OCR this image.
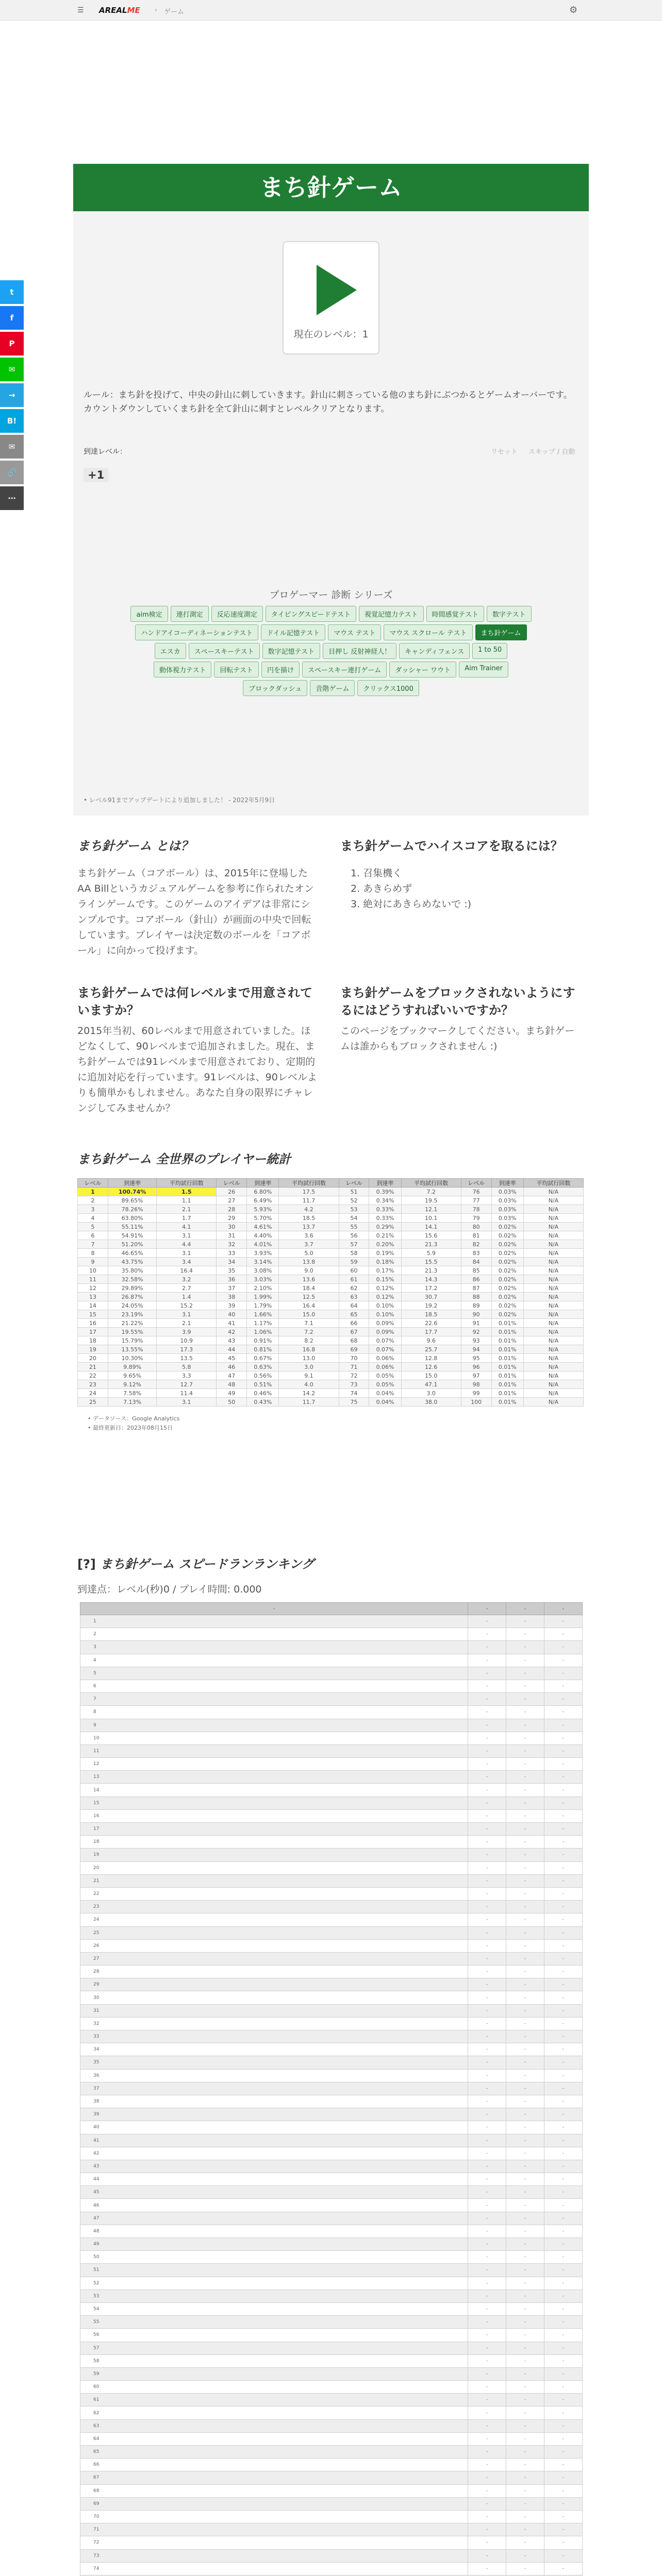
☰ AREALME › ゲーム	⚙
t
f
P
✉
→
B!
✉
🔗
⋯
まち針ゲーム
現在のレベル：1
ルール：まち針を投げて、中央の針山に刺していきます。針山に刺さっている他のまち針にぶつかるとゲームオーバーです。カウントダウンしていくまち針を全て針山に刺すとレベルクリアとなります。
到達レベル：
+1
リセット スキップ / 自動
プロゲーマー 診断 シリーズ
aim検定	連打測定	反応速度測定	タイピングスピードテスト	視覚記憶力テスト	時間感覚テスト	数字テスト
ハンドアイコーディネーションテスト	ドイル記憶テスト	マウス テスト	マウス スクロール テスト	まち針ゲーム
エスカ	スペースキーテスト	数字記憶テスト	目押し 反射神経人！	キャンディフェンス	1 to 50
動体視力テスト	回転テスト	円を描け	スペースキー連打ゲーム	ダッシャー ワウト	Aim Trainer
ブロックダッシュ	音階ゲーム	クリックス1000
• レベル91までアップデートにより追加しました！ - 2022年5月9日
まち針ゲーム とは？
まち針ゲーム（コアボール）は、2015年に登場した AA Billというカジュアルゲームを参考に作られたオンラインゲームです。このゲームのアイデアは非常にシンプルです。コアボール（針山）が画面の中央で回転しています。プレイヤーは決定数のボールを「コアボール」に向かって投げます。
まち針ゲームでハイスコアを取るには？
1. 召集機く
2. あきらめず
3. 絶対にあきらめないで :)
まち針ゲームでは何レベルまで用意されていますか？
2015年当初、60レベルまで用意されていました。ほどなくして、90レベルまで追加されました。現在、まち針ゲームでは91レベルまで用意されており、定期的に追加対応を行っています。91レベルは、90レベルよりも簡単かもしれません。あなた自身の限界にチャレンジしてみませんか？
まち針ゲームをブロックされないようにするにはどうすればいいですか？
このページをブックマークしてください。まち針ゲームは誰からもブロックされません :)
まち針ゲーム 全世界のプレイヤー統計
レベル	到達率	平均試行回数	レベル	到達率	平均試行回数	レベル	到達率	平均試行回数	レベル	到達率	平均試行回数
1	100.74%	1.5	26	6.80%	17.5	51	0.39%	7.2	76	0.03%	N/A
2	89.65%	1.1	27	6.49%	11.7	52	0.34%	19.5	77	0.03%	N/A
3	78.26%	2.1	28	5.93%	4.2	53	0.33%	12.1	78	0.03%	N/A
4	63.80%	1.7	29	5.70%	18.5	54	0.33%	10.1	79	0.03%	N/A
5	55.11%	4.1	30	4.61%	13.7	55	0.29%	14.1	80	0.02%	N/A
6	54.91%	3.1	31	4.40%	3.6	56	0.21%	15.6	81	0.02%	N/A
7	51.20%	4.4	32	4.01%	3.7	57	0.20%	21.3	82	0.02%	N/A
8	46.65%	3.1	33	3.93%	5.0	58	0.19%	5.9	83	0.02%	N/A
9	43.75%	3.4	34	3.14%	13.8	59	0.18%	15.5	84	0.02%	N/A
10	35.80%	16.4	35	3.08%	9.0	60	0.17%	21.3	85	0.02%	N/A
11	32.58%	3.2	36	3.03%	13.6	61	0.15%	14.3	86	0.02%	N/A
12	29.89%	2.7	37	2.10%	18.4	62	0.12%	17.2	87	0.02%	N/A
13	26.87%	1.4	38	1.99%	12.5	63	0.12%	30.7	88	0.02%	N/A
14	24.05%	15.2	39	1.79%	16.4	64	0.10%	19.2	89	0.02%	N/A
15	23.19%	3.1	40	1.66%	15.0	65	0.10%	18.5	90	0.02%	N/A
16	21.22%	2.1	41	1.17%	7.1	66	0.09%	22.6	91	0.01%	N/A
17	19.55%	3.9	42	1.06%	7.2	67	0.09%	17.7	92	0.01%	N/A
18	15.79%	10.9	43	0.91%	8.2	68	0.07%	9.6	93	0.01%	N/A
19	13.55%	17.3	44	0.81%	16.8	69	0.07%	25.7	94	0.01%	N/A
20	10.30%	13.5	45	0.67%	13.0	70	0.06%	12.8	95	0.01%	N/A
21	9.89%	5.8	46	0.63%	3.0	71	0.06%	12.6	96	0.01%	N/A
22	9.65%	3.3	47	0.56%	9.1	72	0.05%	15.0	97	0.01%	N/A
23	9.12%	12.7	48	0.51%	4.0	73	0.05%	47.1	98	0.01%	N/A
24	7.58%	11.4	49	0.46%	14.2	74	0.04%	3.0	99	0.01%	N/A
25	7.13%	3.1	50	0.43%	11.7	75	0.04%	38.0	100	0.01%	N/A
• データソース：Google Analytics
• 最終更新日：2023年08月15日
[?] まち針ゲーム スピードランランキング
到達点：レベル(秒)0 / プレイ時間: 0.000
-	-	-	-
1	-	-	-
2	-	-	-
3	-	-	-
4	-	-	-
5	-	-	-
6	-	-	-
7	-	-	-
8	-	-	-
9	-	-	-
10	-	-	-
11	-	-	-
12	-	-	-
13	-	-	-
14	-	-	-
15	-	-	-
16	-	-	-
17	-	-	-
18	-	-	-
19	-	-	-
20	-	-	-
21	-	-	-
22	-	-	-
23	-	-	-
24	-	-	-
25	-	-	-
26	-	-	-
27	-	-	-
28	-	-	-
29	-	-	-
30	-	-	-
31	-	-	-
32	-	-	-
33	-	-	-
34	-	-	-
35	-	-	-
36	-	-	-
37	-	-	-
38	-	-	-
39	-	-	-
40	-	-	-
41	-	-	-
42	-	-	-
43	-	-	-
44	-	-	-
45	-	-	-
46	-	-	-
47	-	-	-
48	-	-	-
49	-	-	-
50	-	-	-
51	-	-	-
52	-	-	-
53	-	-	-
54	-	-	-
55	-	-	-
56	-	-	-
57	-	-	-
58	-	-	-
59	-	-	-
60	-	-	-
61	-	-	-
62	-	-	-
63	-	-	-
64	-	-	-
65	-	-	-
66	-	-	-
67	-	-	-
68	-	-	-
69	-	-	-
70	-	-	-
71	-	-	-
72	-	-	-
73	-	-	-
74	-	-	-
